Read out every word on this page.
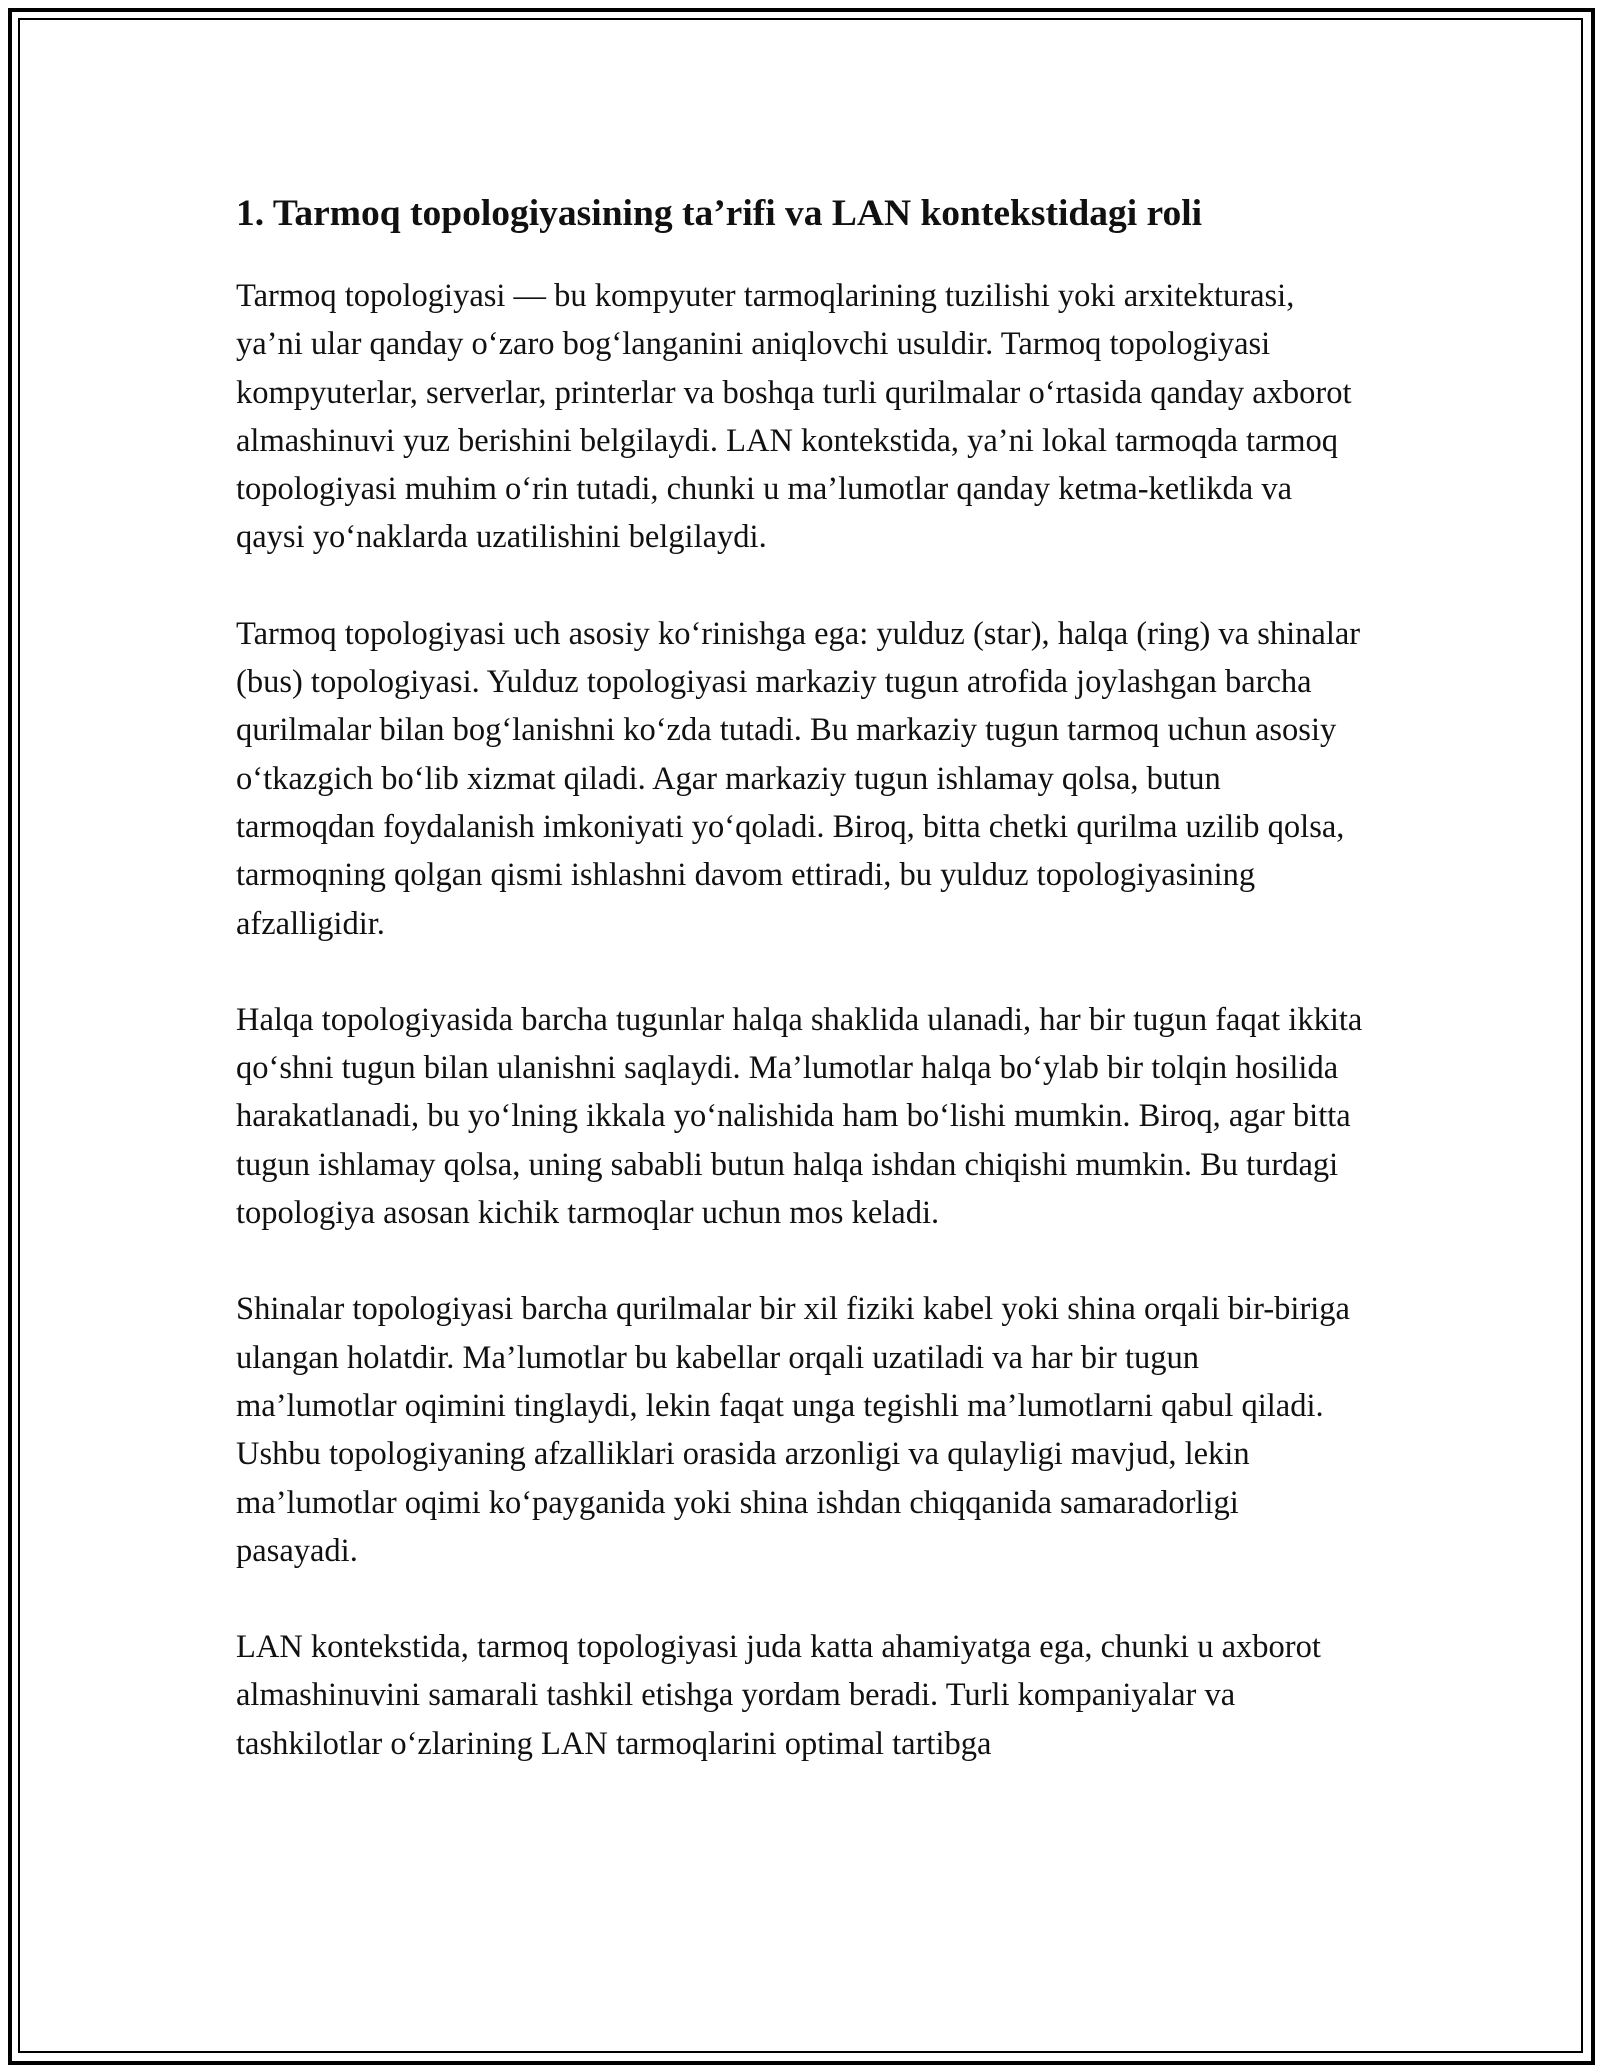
1. Tarmoq topologiyasining ta’rifi va LAN kontekstidagi roli

Tarmoq topologiyasi — bu kompyuter tarmoqlarining tuzilishi yoki arxitekturasi, ya’ni ular qanday o‘zaro bog‘langanini aniqlovchi usuldir. Tarmoq topologiyasi kompyuterlar, serverlar, printerlar va boshqa turli qurilmalar o‘rtasida qanday axborot almashinuvi yuz berishini belgilaydi. LAN kontekstida, ya’ni lokal tarmoqda tarmoq topologiyasi muhim o‘rin tutadi, chunki u ma’lumotlar qanday ketma-ketlikda va qaysi yo‘naklarda uzatilishini belgilaydi.

Tarmoq topologiyasi uch asosiy ko‘rinishga ega: yulduz (star), halqa (ring) va shinalar (bus) topologiyasi. Yulduz topologiyasi markaziy tugun atrofida joylashgan barcha qurilmalar bilan bog‘lanishni ko‘zda tutadi. Bu markaziy tugun tarmoq uchun asosiy o‘tkazgich bo‘lib xizmat qiladi. Agar markaziy tugun ishlamay qolsa, butun tarmoqdan foydalanish imkoniyati yo‘qoladi. Biroq, bitta chetki qurilma uzilib qolsa, tarmoqning qolgan qismi ishlashni davom ettiradi, bu yulduz topologiyasining afzalligidir.

Halqa topologiyasida barcha tugunlar halqa shaklida ulanadi, har bir tugun faqat ikkita qo‘shni tugun bilan ulanishni saqlaydi. Ma’lumotlar halqa bo‘ylab bir tolqin hosilida harakatlanadi, bu yo‘lning ikkala yo‘nalishida ham bo‘lishi mumkin. Biroq, agar bitta tugun ishlamay qolsa, uning sababli butun halqa ishdan chiqishi mumkin. Bu turdagi topologiya asosan kichik tarmoqlar uchun mos keladi.

Shinalar topologiyasi barcha qurilmalar bir xil fiziki kabel yoki shina orqali bir-biriga ulangan holatdir. Ma’lumotlar bu kabellar orqali uzatiladi va har bir tugun ma’lumotlar oqimini tinglaydi, lekin faqat unga tegishli ma’lumotlarni qabul qiladi. Ushbu topologiyaning afzalliklari orasida arzonligi va qulayligi mavjud, lekin ma’lumotlar oqimi ko‘payganida yoki shina ishdan chiqqanida samaradorligi pasayadi.

LAN kontekstida, tarmoq topologiyasi juda katta ahamiyatga ega, chunki u axborot almashinuvini samarali tashkil etishga yordam beradi. Turli kompaniyalar va tashkilotlar o‘zlarining LAN tarmoqlarini optimal tartibga
